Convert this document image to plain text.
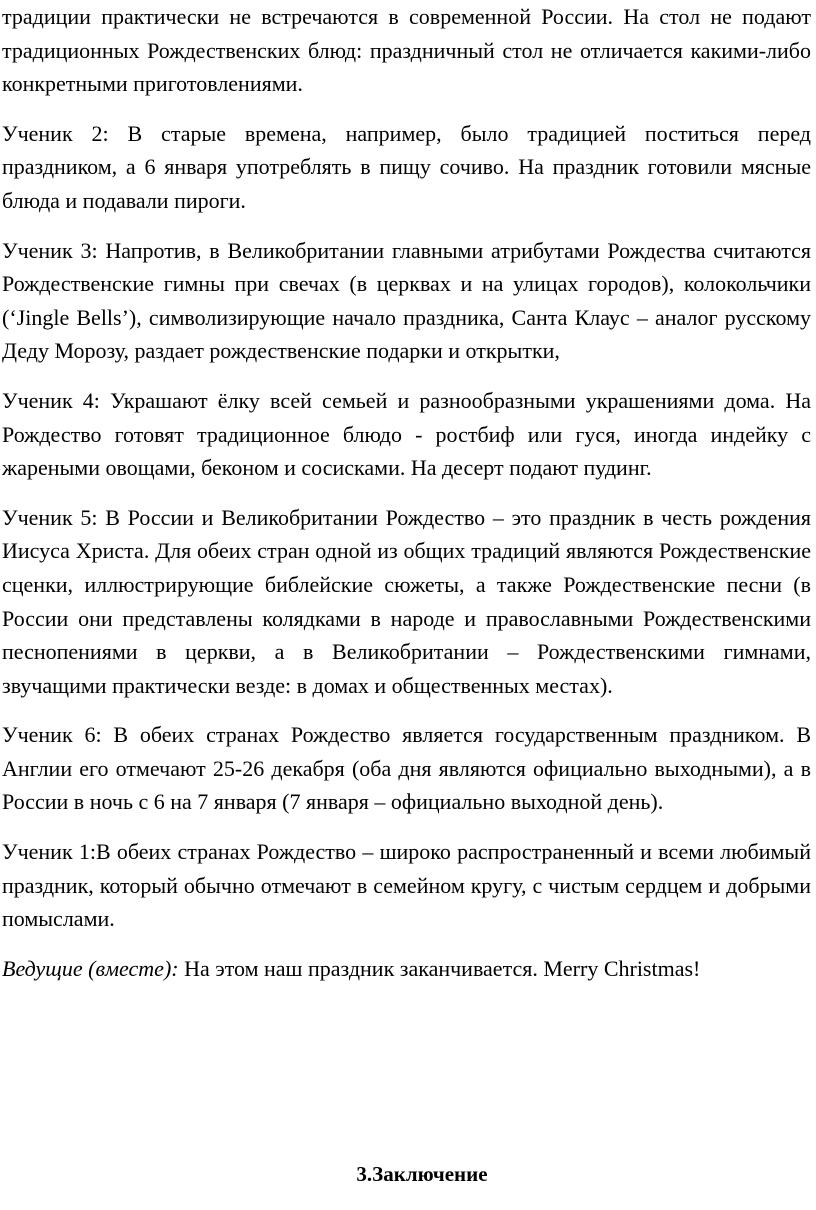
традиции практически не встречаются в современной России. На стол не подают традиционных Рождественских блюд: праздничный стол не отличается какими-либо конкретными приготовлениями.

Ученик 2: В старые времена, например, было традицией поститься перед праздником, а 6 января употреблять в пищу сочиво. На праздник готовили мясные блюда и подавали пироги.

Ученик 3: Напротив, в Великобритании главными атрибутами Рождества считаются Рождественские гимны при свечах (в церквах и на улицах городов), колокольчики (‘Jingle Bells’), символизирующие начало праздника, Санта Клаус – аналог русскому Деду Морозу, раздает рождественские подарки и открытки,

Ученик 4: Украшают ёлку всей семьей и разнообразными украшениями дома. На Рождество готовят традиционное блюдо - ростбиф или гуся, иногда индейку с жареными овощами, беконом и сосисками. На десерт подают пудинг.

Ученик 5: В России и Великобритании Рождество – это праздник в честь рождения Иисуса Христа. Для обеих стран одной из общих традиций являются Рождественские сценки, иллюстрирующие библейские сюжеты, а также Рождественские песни (в России они представлены колядками в народе и православными Рождественскими песнопениями в церкви, а в Великобритании – Рождественскими гимнами, звучащими практически везде: в домах и общественных местах).

Ученик 6: В обеих странах Рождество является государственным праздником. В Англии его отмечают 25-26 декабря (оба дня являются официально выходными), а в России в ночь с 6 на 7 января (7 января – официально выходной день).

Ученик 1:В обеих странах Рождество – широко распространенный и всеми любимый праздник, который обычно отмечают в семейном кругу, с чистым сердцем и добрыми помыслами.

Ведущие (вместе): На этом наш праздник заканчивается. Merry Christmas!

3.Заключение
